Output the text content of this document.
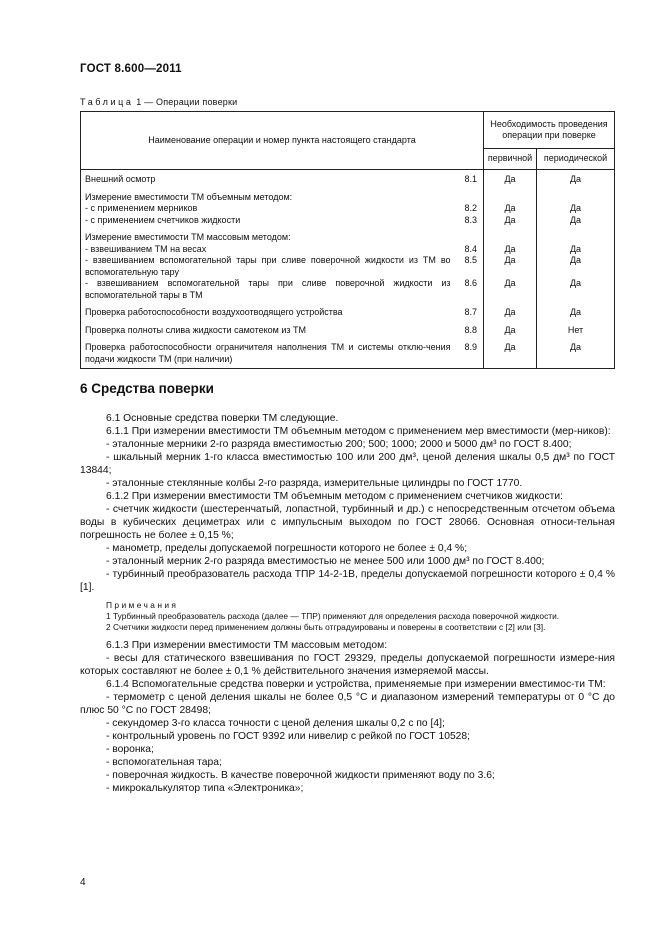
ГОСТ 8.600—2011
Таблица 1 — Операции поверки
Наименование операции и номер пункта настоящего стандарта		Необходимость проведения операции при поверке	
		первичной	периодической
Внешний осмотр	8.1	Да	Да
Измерение вместимости ТМ объемным методом:			
- с применением мерников	8.2	Да	Да
- с применением счетчиков жидкости	8.3	Да	Да
Измерение вместимости ТМ массовым методом:			
- взвешиванием ТМ на весах	8.4	Да	Да
- взвешиванием вспомогательной тары при сливе поверочной жидкости из ТМ во вспомогательную тару	8.5	Да	Да
- взвешиванием вспомогательной тары при сливе поверочной жидкости из вспомогательной тары в ТМ	8.6	Да	Да
Проверка работоспособности воздухоотводящего устройства	8.7	Да	Да
Проверка полноты слива жидкости самотеком из ТМ	8.8	Да	Нет
Проверка работоспособности ограничителя наполнения ТМ и системы отклю-чения подачи жидкости ТМ (при наличии)	8.9	Да	Да
6 Средства поверки

6.1 Основные средства поверки ТМ следующие.

6.1.1 При измерении вместимости ТМ объемным методом с применением мер вместимости (мер-ников):

- эталонные мерники 2-го разряда вместимостью 200; 500; 1000; 2000 и 5000 дм³ по ГОСТ 8.400;

- шкальный мерник 1-го класса вместимостью 100 или 200 дм³, ценой деления шкалы 0,5 дм³ по ГОСТ 13844;

- эталонные стеклянные колбы 2-го разряда, измерительные цилиндры по ГОСТ 1770.

6.1.2 При измерении вместимости ТМ объемным методом с применением счетчиков жидкости:

- счетчик жидкости (шестеренчатый, лопастной, турбинный и др.) с непосредственным отсчетом объема воды в кубических дециметрах или с импульсным выходом по ГОСТ 28066. Основная относи-тельная погрешность не более ± 0,15 %;

- манометр, пределы допускаемой погрешности которого не более ± 0,4 %;

- эталонный мерник 2-го разряда вместимостью не менее 500 или 1000 дм³ по ГОСТ 8.400;

- турбинный преобразователь расхода ТПР 14-2-1В, пределы допускаемой погрешности которого ± 0,4 % [1].

Примечания

1 Турбинный преобразователь расхода (далее — ТПР) применяют для определения расхода поверочной жидкости.

2 Счетчики жидкости перед применением должны быть отградуированы и поверены в соответствии с [2] или [3].

6.1.3 При измерении вместимости ТМ массовым методом:

- весы для статического взвешивания по ГОСТ 29329, пределы допускаемой погрешности измере-ния которых составляют не более ± 0,1 % действительного значения измеряемой массы.

6.1.4 Вспомогательные средства поверки и устройства, применяемые при измерении вместимос-ти ТМ:

- термометр с ценой деления шкалы не более 0,5 °С и диапазоном измерений температуры от 0 °С до плюс 50 °С по ГОСТ 28498;

- секундомер 3-го класса точности с ценой деления шкалы 0,2 с по [4];

- контрольный уровень по ГОСТ 9392 или нивелир с рейкой по ГОСТ 10528;

- воронка;

- вспомогательная тара;

- поверочная жидкость. В качестве поверочной жидкости применяют воду по 3.6;

- микрокалькулятор типа «Электроника»;

4
